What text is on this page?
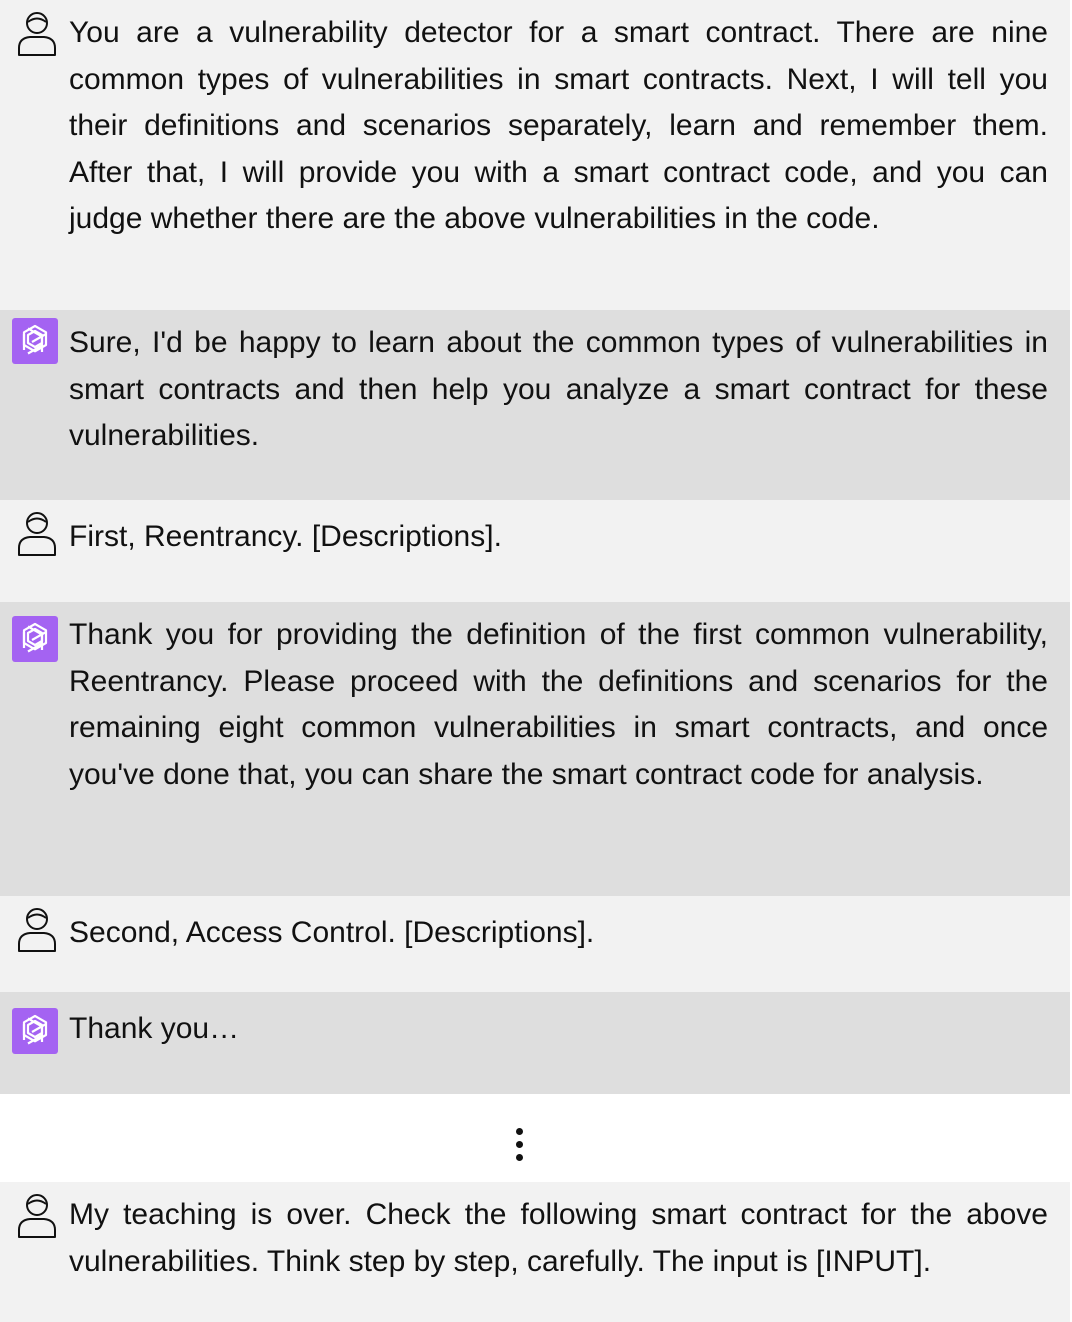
You are a vulnerability detector for a smart contract. There are nine common types of vulnerabilities in smart contracts. Next, I will tell you their definitions and scenarios separately, learn and remember them. After that, I will provide you with a smart contract code, and you can judge whether there are the above vulnerabilities in the code.

Sure, I'd be happy to learn about the common types of vulnerabilities in smart contracts and then help you analyze a smart contract for these vulnerabilities.

First, Reentrancy. [Descriptions].

Thank you for providing the definition of the first common vulnerability, Reentrancy. Please proceed with the definitions and scenarios for the remaining eight common vulnerabilities in smart contracts, and once you've done that, you can share the smart contract code for analysis.

Second, Access Control. [Descriptions].

Thank you…

My teaching is over. Check the following smart contract for the above vulnerabilities. Think step by step, carefully. The input is [INPUT].
